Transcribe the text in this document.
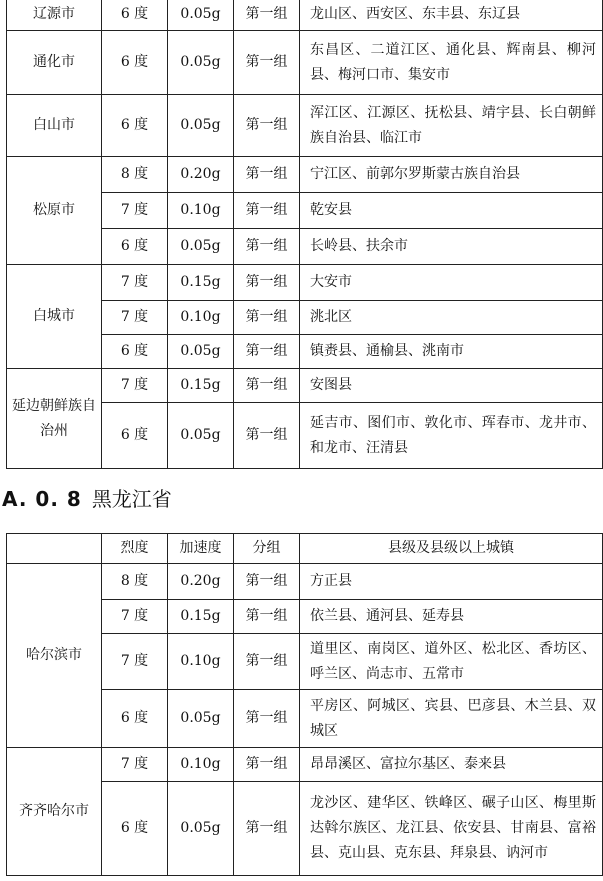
辽源市	6 度	0.05g	第一组	龙山区、西安区、东丰县、东辽县
通化市	6 度	0.05g	第一组	东昌区、二道江区、通化县、辉南县、柳河县、梅河口市、集安市
白山市	6 度	0.05g	第一组	浑江区、江源区、抚松县、靖宇县、长白朝鲜族自治县、临江市
松原市	8 度	0.20g	第一组	宁江区、前郭尔罗斯蒙古族自治县
	7 度	0.10g	第一组	乾安县
	6 度	0.05g	第一组	长岭县、扶余市
白城市	7 度	0.15g	第一组	大安市
	7 度	0.10g	第一组	洮北区
	6 度	0.05g	第一组	镇赉县、通榆县、洮南市
延边朝鲜族自治州	7 度	0.15g	第一组	安图县
	6 度	0.05g	第一组	延吉市、图们市、敦化市、珲春市、龙井市、和龙市、汪清县
A. 0. 8 黑龙江省
	烈度	加速度	分组	县级及县级以上城镇
哈尔滨市	8 度	0.20g	第一组	方正县
	7 度	0.15g	第一组	依兰县、通河县、延寿县
	7 度	0.10g	第一组	道里区、南岗区、道外区、松北区、香坊区、呼兰区、尚志市、五常市
	6 度	0.05g	第一组	平房区、阿城区、宾县、巴彦县、木兰县、双城区
齐齐哈尔市	7 度	0.10g	第一组	昂昂溪区、富拉尔基区、泰来县
	6 度	0.05g	第一组	龙沙区、建华区、铁峰区、碾子山区、梅里斯达斡尔族区、龙江县、依安县、甘南县、富裕县、克山县、克东县、拜泉县、讷河市
